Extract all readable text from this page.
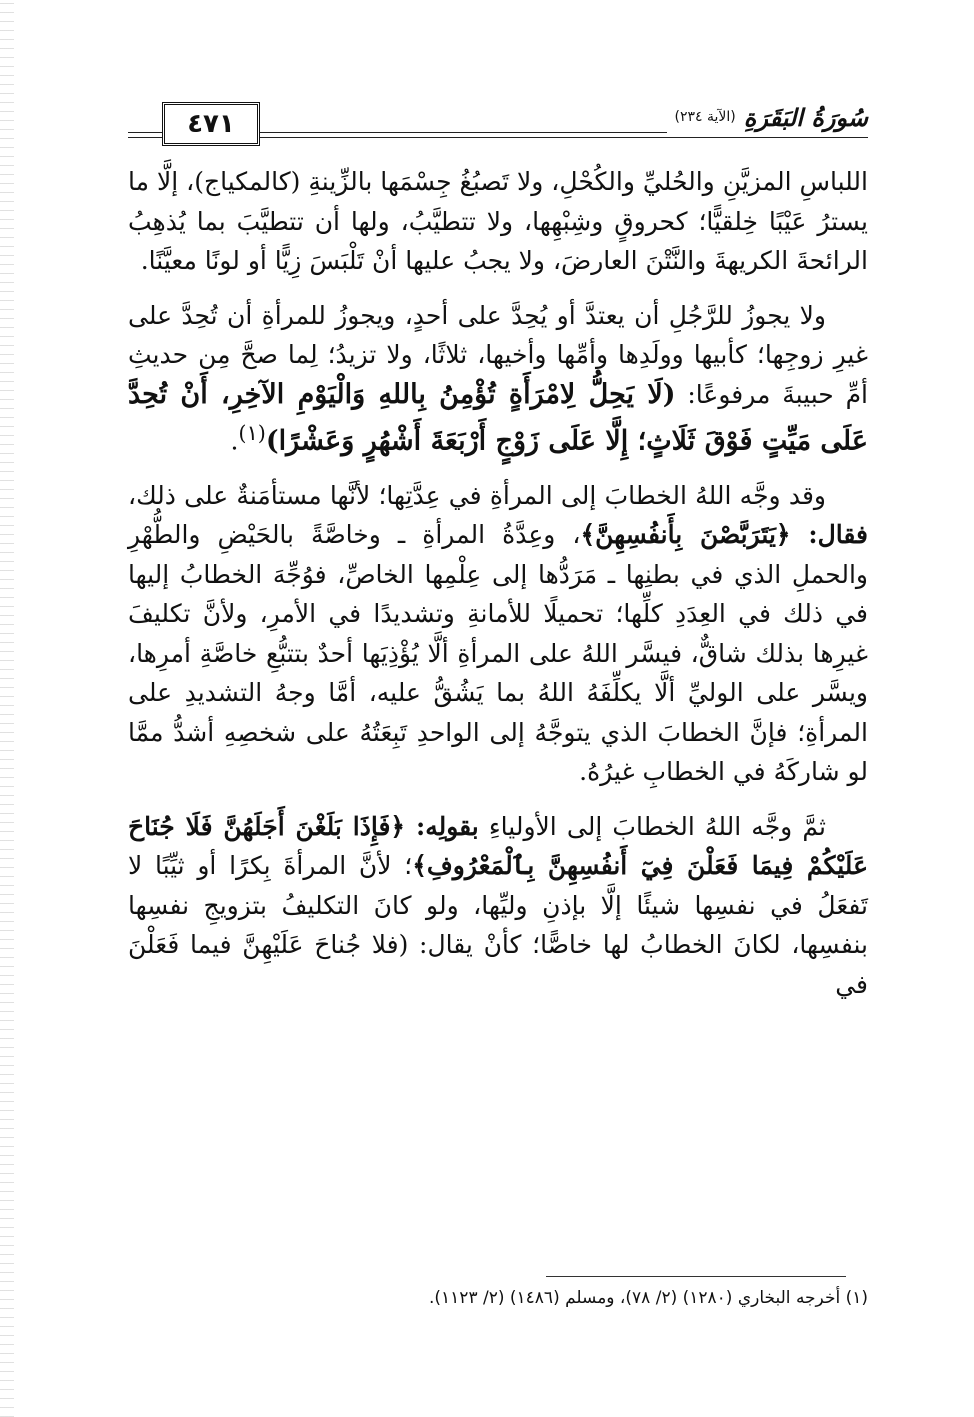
٤٧١	سُورَةُ البَقَرَةِ
(الآية ٢٣٤)

اللباسِ المزيَّنِ والحُليِّ والكُحْلِ، ولا تَصبُغُ جِسْمَها بالزِّينةِ (كالمكياج)، إلَّا ما يسترُ عَيْبًا خِلقيًّا؛ كحروقٍ وشِبْهِها، ولا تتطيَّبُ، ولها أن تتطيَّبَ بما يُذهِبُ الرائحةَ الكريهةَ والنَّتْنَ العارضَ، ولا يجبُ عليها أنْ تَلْبَسَ زِيًّا أو لونًا معيَّنًا.

ولا يجوزُ للرَّجُلِ أن يعتدَّ أو يُحِدَّ على أحدٍ، ويجوزُ للمرأةِ أن تُحِدَّ على غيرِ زوجِها؛ كأبيها وولَدِها وأمِّها وأخيها، ثلاثًا، ولا تزيدُ؛ لِما صحَّ مِن حديثِ أمِّ حبيبةَ مرفوعًا: (لَا يَحِلُّ لِامْرَأَةٍ تُؤْمِنُ بِاللهِ وَالْيَوْمِ الآخِرِ، أَنْ تُحِدَّ عَلَى مَيِّتٍ فَوْقَ ثَلَاثٍ؛ إِلَّا عَلَى زَوْجٍ أَرْبَعَةَ أَشْهُرٍ وَعَشْرًا)$^{(١)}$.

وقد وجَّه اللهُ الخطابَ إلى المرأةِ في عِدَّتِها؛ لأنَّها مستأمَنةٌ على ذلك، فقال: ﴿يَتَرَبَّصْنَ بِأَنفُسِهِنَّ﴾، وعِدَّةُ المرأةِ ـ وخاصَّةً بالحَيْضِ والطُّهْرِ والحملِ الذي في بطنِها ـ مَرَدُّها إلى عِلْمِها الخاصِّ، فوُجِّهَ الخطابُ إليها في ذلك في العِدَدِ كلِّها؛ تحميلًا للأمانةِ وتشديدًا في الأمرِ، ولأنَّ تكليفَ غيرِها بذلك شاقٌّ، فيسَّر اللهُ على المرأةِ ألَّا يُؤْذِيَها أحدٌ بتتبُّعِ خاصَّةِ أمرِها، ويسَّر على الوليِّ ألَّا يكلِّفَهُ اللهُ بما يَشُقُّ عليه، أمَّا وجهُ التشديدِ على المرأةِ؛ فإنَّ الخطابَ الذي يتوجَّهُ إلى الواحدِ تَبِعَتُهُ على شخصِهِ أشدُّ ممَّا لو شاركَهُ في الخطابِ غيرُهُ.

ثمَّ وجَّه اللهُ الخطابَ إلى الأولياءِ بقولِه: ﴿فَإِذَا بَلَغْنَ أَجَلَهُنَّ فَلَا جُنَاحَ عَلَيْكُمْ فِيمَا فَعَلْنَ فِيٓ أَنفُسِهِنَّ بِٱلْمَعْرُوفِ﴾؛ لأنَّ المرأةَ بِكرًا أو ثيِّبًا لا تَفعَلُ في نفسِها شيئًا إلَّا بإذنِ وليِّها، ولو كانَ التكليفُ بتزويجِ نفسِها بنفسِها، لكانَ الخطابُ لها خاصًّا؛ كأنْ يقال: (فلا جُناحَ عَلَيْهِنَّ فيما فَعَلْنَ في

(١) أخرجه البخاري (١٢٨٠) (٢/ ٧٨)، ومسلم (١٤٨٦) (٢/ ١١٢٣).
